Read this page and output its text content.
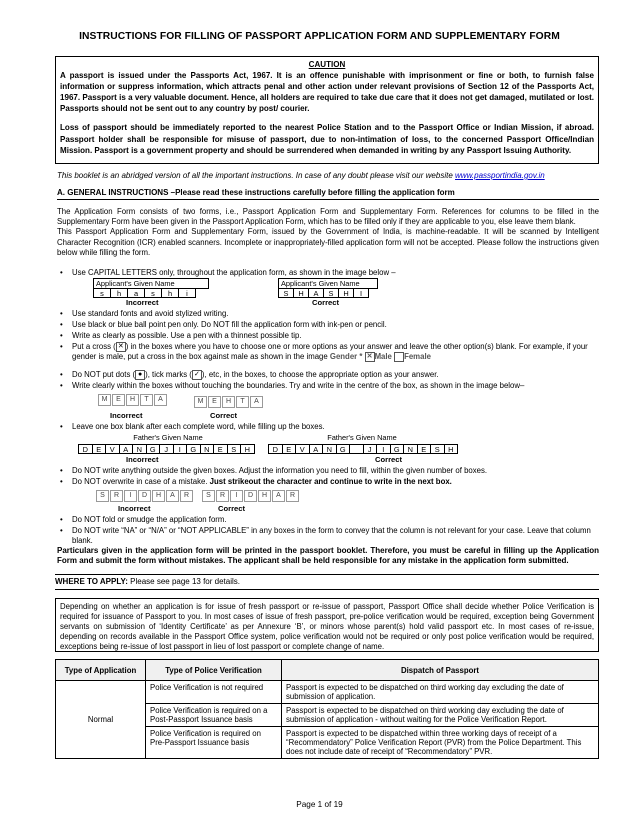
INSTRUCTIONS FOR FILLING OF PASSPORT APPLICATION FORM AND SUPPLEMENTARY FORM
CAUTION

A passport is issued under the Passports Act, 1967. It is an offence punishable with imprisonment or fine or both, to furnish false information or suppress information, which attracts penal and other action under relevant provisions of Section 12 of the Passports Act, 1967. Passport is a very valuable document. Hence, all holders are required to take due care that it does not get damaged, mutilated or lost. Passports should not be sent out to any country by post/ courier.

Loss of passport should be immediately reported to the nearest Police Station and to the Passport Office or Indian Mission, if abroad. Passport holder shall be responsible for misuse of passport, due to non-intimation of loss, to the concerned Passport Office/Indian Mission. Passport is a government property and should be surrendered when demanded in writing by any Passport Issuing Authority.

This booklet is an abridged version of all the important instructions. In case of any doubt please visit our website www.passportindia.gov.in
A. GENERAL INSTRUCTIONS –Please read these instructions carefully before filling the application form

The Application Form consists of two forms, i.e., Passport Application Form and Supplementary Form. References for columns to be filled in the Supplementary Form have been given in the Passport Application Form, which has to be filled only if they are applicable to you, else leave them blank.

This Passport Application Form and Supplementary Form, issued by the Government of India, is machine-readable. It will be scanned by Intelligent Character Recognition (ICR) enabled scanners. Incomplete or inappropriately-filled application form will not be accepted. Please follow the instructions given below while filling the form.

• Use CAPITAL LETTERS only, throughout the application form, as shown in the image below –
Applicant's Given Name
s	h	a	s	h	i
Incorrect
Applicant's Given Name
S	H	A	S	H	I
Correct
• Use standard fonts and avoid stylized writing.
• Use black or blue ball point pen only. Do NOT fill the application form with ink-pen or pencil.
• Write as clearly as possible. Use a pen with a thinnest possible tip.
• Put a cross ( ✕ ) in the boxes where you have to choose one or more options as your answer and leave the other option(s) blank. For example, if your gender is male, put a cross in the box against male as shown in the image Gender * ✕ Male Female
• Do NOT put dots ( ● ), tick marks ( ✓ ), etc, in the boxes, to choose the appropriate option as your answer.
• Write clearly within the boxes without touching the boundaries. Try and write in the centre of the box, as shown in the image below–
M	E	H	T	A
Incorrect
M	E	H	T	A
Correct
• Leave one box blank after each complete word, while filling up the boxes.
Father's Given Name
D	E	V	A	N	G	J	I	G	N	E	S	H
Incorrect
Father's Given Name
D	E	V	A	N	G	J	I	G	N	E	S	H
Correct
• Do NOT write anything outside the given boxes. Adjust the information you need to fill, within the given number of boxes.
• Do NOT overwrite in case of a mistake. Just strikeout the character and continue to write in the next box.
S	R	I	D	H	A	R
Incorrect
S	R	I	D	H	A	R
Correct
• Do NOT fold or smudge the application form.
• Do NOT write “NA” or “N/A” or “NOT APPLICABLE” in any boxes in the form to convey that the column is not relevant for your case. Leave that column blank.
Particulars given in the application form will be printed in the passport booklet. Therefore, you must be careful in filling up the Application Form and submit the form without mistakes. The applicant shall be held responsible for any mistake in the application form submitted.
WHERE TO APPLY: Please see page 13 for details.
Depending on whether an application is for issue of fresh passport or re-issue of passport, Passport Office shall decide whether Police Verification is required for issuance of Passport to you. In most cases of issue of fresh passport, pre-police verification would be required, exception being Government servants on submission of ‘Identity Certificate’ as per Annexure ‘B’, or minors whose parent(s) hold valid passport etc. In most cases of re-issue, depending on records available in the Passport Office system, police verification would not be required or only post police verification would be required, exceptions being re-issue of lost passport in lieu of lost passport or complete change of name.
Type of Application	Type of Police Verification	Dispatch of Passport
Normal	Police Verification is not required	Passport is expected to be dispatched on third working day excluding the date of submission of application.
	Police Verification is required on a Post-Passport Issuance basis	Passport is expected to be dispatched on third working day excluding the date of submission of application - without waiting for the Police Verification Report.
	Police Verification is required on Pre-Passport Issuance basis	Passport is expected to be dispatched within three working days of receipt of a “Recommendatory” Police Verification Report (PVR) from the Police Department. This does not include date of receipt of “Recommendatory” PVR.
Page 1 of 19
